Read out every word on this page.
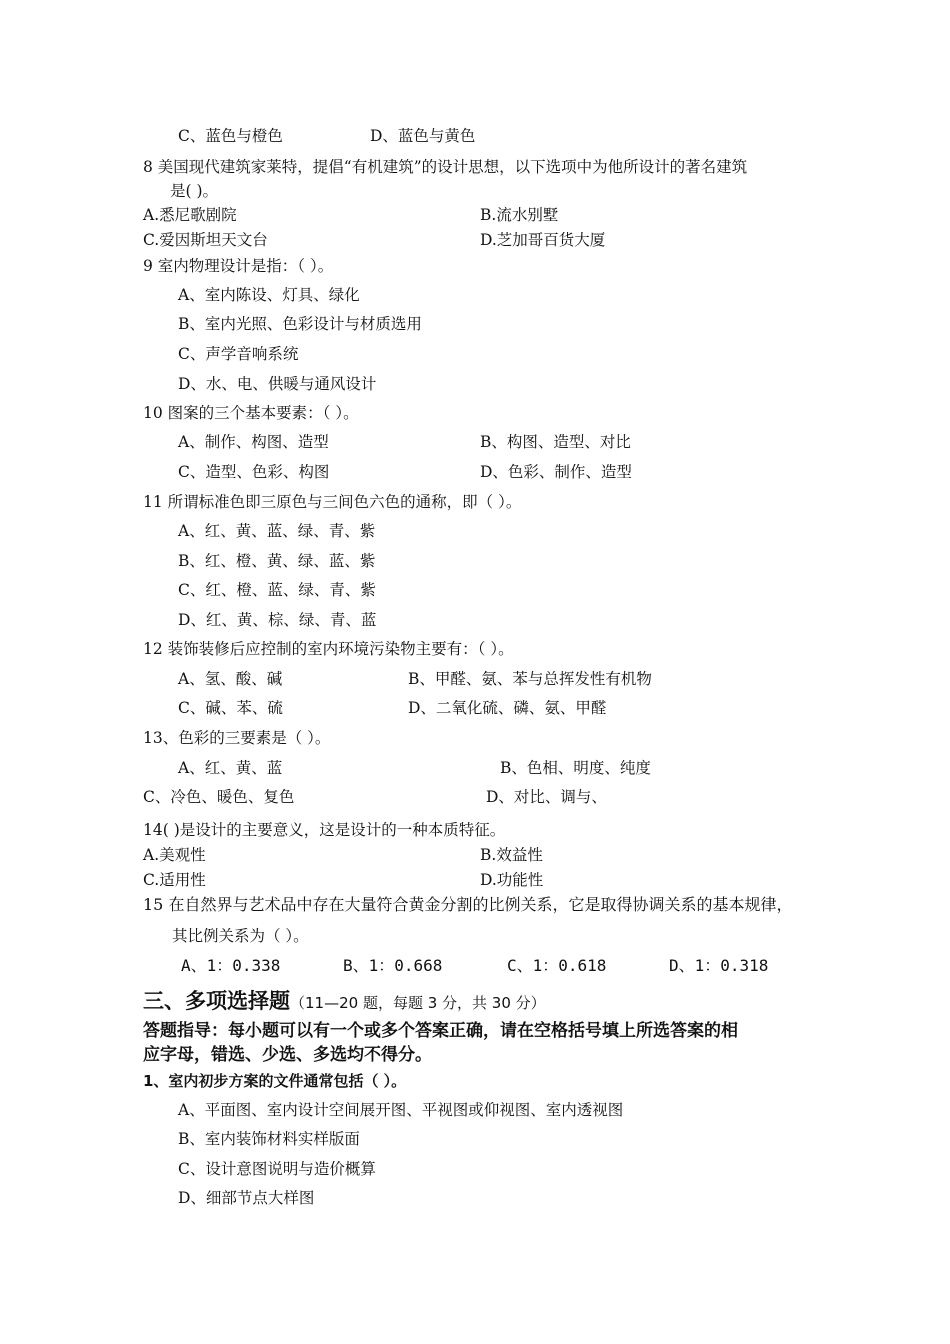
C、蓝色与橙色	D、蓝色与黄色
8 美国现代建筑家莱特，提倡“有机建筑”的设计思想，以下选项中为他所设计的著名建筑
是( )。
A.悉尼歌剧院	B.流水别墅
C.爱因斯坦天文台	D.芝加哥百货大厦
9 室内物理设计是指：（ ）。
A、室内陈设、灯具、绿化
B、室内光照、色彩设计与材质选用
C、声学音响系统
D、水、电、供暖与通风设计
10 图案的三个基本要素：（ ）。
A、制作、构图、造型	B、构图、造型、对比
C、造型、色彩、构图	D、色彩、制作、造型
11 所谓标准色即三原色与三间色六色的通称，即（ ）。
A、红、黄、蓝、绿、青、紫
B、红、橙、黄、绿、蓝、紫
C、红、橙、蓝、绿、青、紫
D、红、黄、棕、绿、青、蓝
12 装饰装修后应控制的室内环境污染物主要有：（ ）。
A、氢、酸、碱	B、甲醛、氨、苯与总挥发性有机物
C、碱、苯、硫	D、二氧化硫、磷、氨、甲醛
13、色彩的三要素是（ ）。
A、红、黄、蓝	B、色相、明度、纯度
C、冷色、暖色、复色	D、对比、调与、
14( )是设计的主要意义，这是设计的一种本质特征。
A.美观性	B.效益性
C.适用性	D.功能性
15 在自然界与艺术品中存在大量符合黄金分割的比例关系，它是取得协调关系的基本规律，
其比例关系为（ ）。
A、1：0.338	B、1：0.668	C、1：0.618	D、1：0.318
三、多项选择题（11—20 题，每题 3 分，共 30 分）
答题指导：每小题可以有一个或多个答案正确，请在空格括号填上所选答案的相
应字母，错选、少选、多选均不得分。
1、室内初步方案的文件通常包括（ ）。
A、平面图、室内设计空间展开图、平视图或仰视图、室内透视图
B、室内装饰材料实样版面
C、设计意图说明与造价概算
D、细部节点大样图
